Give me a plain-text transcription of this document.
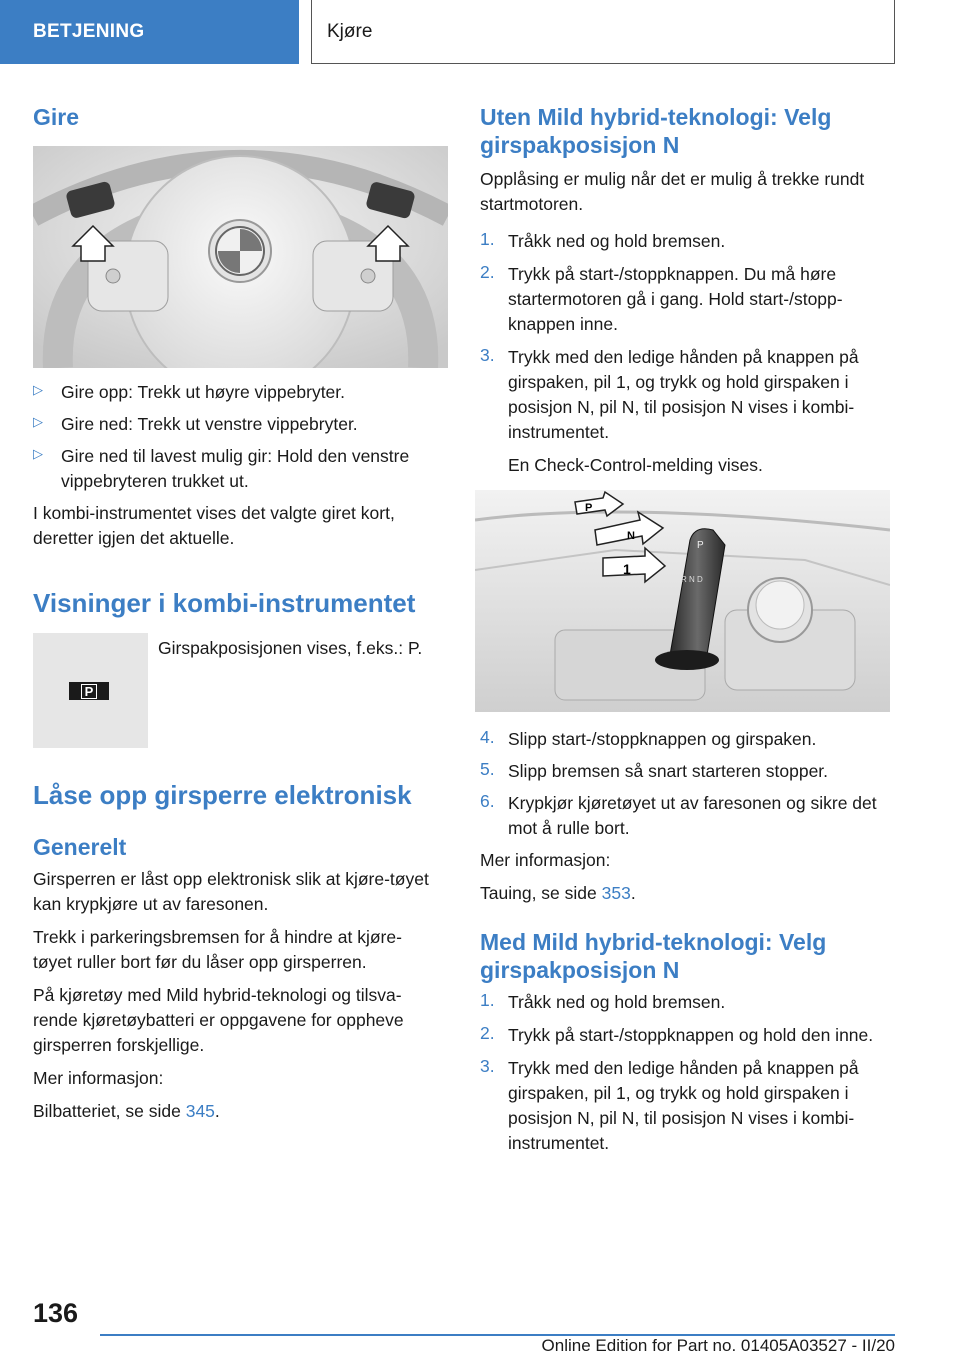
BETJENING	Kjøre
Gire
▷	Gire opp: Trekk ut høyre vippebryter.

▷	Gire ned: Trekk ut venstre vippebryter.

▷	Gire ned til lavest mulig gir: Hold den venstre vippebryteren trukket ut.

I kombi-instrumentet vises det valgte giret kort, deretter igjen det aktuelle.

Visninger i kombi-instrumentet
P

Girspakposisjonen vises, f.eks.: P.

Låse opp girsperre elektronisk
Generelt

Girsperren er låst opp elektronisk slik at kjøre-tøyet kan krypkjøre ut av faresonen.

Trekk i parkeringsbremsen for å hindre at kjøre-tøyet ruller bort før du låser opp girsperren.

På kjøretøy med Mild hybrid-teknologi og tilsva-rende kjøretøybatteri er oppgavene for oppheve girsperren forskjellige.

Mer informasjon:

Bilbatteriet, se side 345.

Uten Mild hybrid-teknologi: Velg girspakposisjon N

Opplåsing er mulig når det er mulig å trekke rundt startmotoren.

1. Tråkk ned og hold bremsen.

2. Trykk på start-/stoppknappen. Du må høre startermotoren gå i gang. Hold start-/stopp-knappen inne.

3. Trykk med den ledige hånden på knappen på girspaken, pil 1, og trykk og hold girspaken i posisjon N, pil N, til posisjon N vises i kombi-instrumentet.

En Check-Control-melding vises.

P
R N D
P
N
1
4. Slipp start-/stoppknappen og girspaken.

5. Slipp bremsen så snart starteren stopper.

6. Krypkjør kjøretøyet ut av faresonen og sikre det mot å rulle bort.

Mer informasjon:

Tauing, se side 353.

Med Mild hybrid-teknologi: Velg girspakposisjon N
1. Tråkk ned og hold bremsen.

2. Trykk på start-/stoppknappen og hold den inne.

3. Trykk med den ledige hånden på knappen på girspaken, pil 1, og trykk og hold girspaken i posisjon N, pil N, til posisjon N vises i kombi-instrumentet.

136
Online Edition for Part no. 01405A03527 - II/20
